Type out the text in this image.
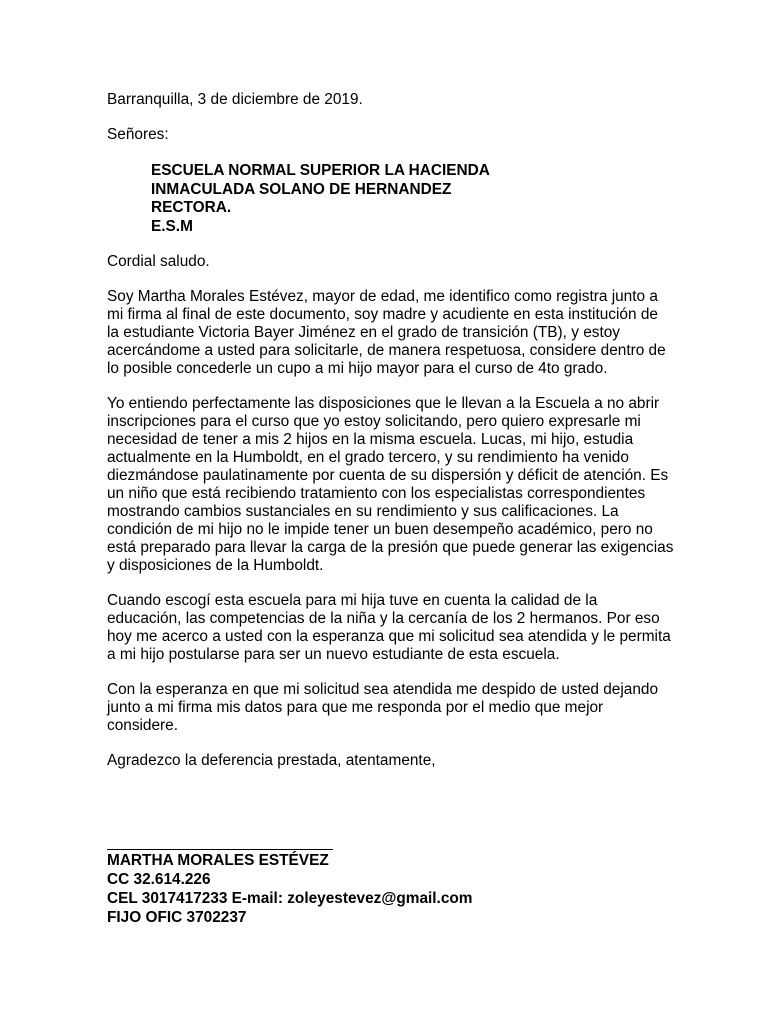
Barranquilla, 3 de diciembre de 2019.
Señores:
ESCUELA NORMAL SUPERIOR LA HACIENDA
INMACULADA SOLANO DE HERNANDEZ
RECTORA.
E.S.M
Cordial saludo.
Soy Martha Morales Estévez, mayor de edad, me identifico como registra junto a
mi firma al final de este documento, soy madre y acudiente en esta institución de
la estudiante Victoria Bayer Jiménez en el grado de transición (TB), y estoy
acercándome a usted para solicitarle, de manera respetuosa, considere dentro de
lo posible concederle un cupo a mi hijo mayor para el curso de 4to grado.
Yo entiendo perfectamente las disposiciones que le llevan a la Escuela a no abrir
inscripciones para el curso que yo estoy solicitando, pero quiero expresarle mi
necesidad de tener a mis 2 hijos en la misma escuela. Lucas, mi hijo, estudia
actualmente en la Humboldt, en el grado tercero, y su rendimiento ha venido
diezmándose paulatinamente por cuenta de su dispersión y déficit de atención. Es
un niño que está recibiendo tratamiento con los especialistas correspondientes
mostrando cambios sustanciales en su rendimiento y sus calificaciones. La
condición de mi hijo no le impide tener un buen desempeño académico, pero no
está preparado para llevar la carga de la presión que puede generar las exigencias
y disposiciones de la Humboldt.
Cuando escogí esta escuela para mi hija tuve en cuenta la calidad de la
educación, las competencias de la niña y la cercanía de los 2 hermanos. Por eso
hoy me acerco a usted con la esperanza que mi solicitud sea atendida y le permita
a mi hijo postularse para ser un nuevo estudiante de esta escuela.
Con la esperanza en que mi solicitud sea atendida me despido de usted dejando
junto a mi firma mis datos para que me responda por el medio que mejor
considere.
Agradezco la deferencia prestada, atentamente,
MARTHA MORALES ESTÉVEZ
CC 32.614.226
CEL 3017417233 E-mail: zoleyestevez@gmail.com
FIJO OFIC 3702237
